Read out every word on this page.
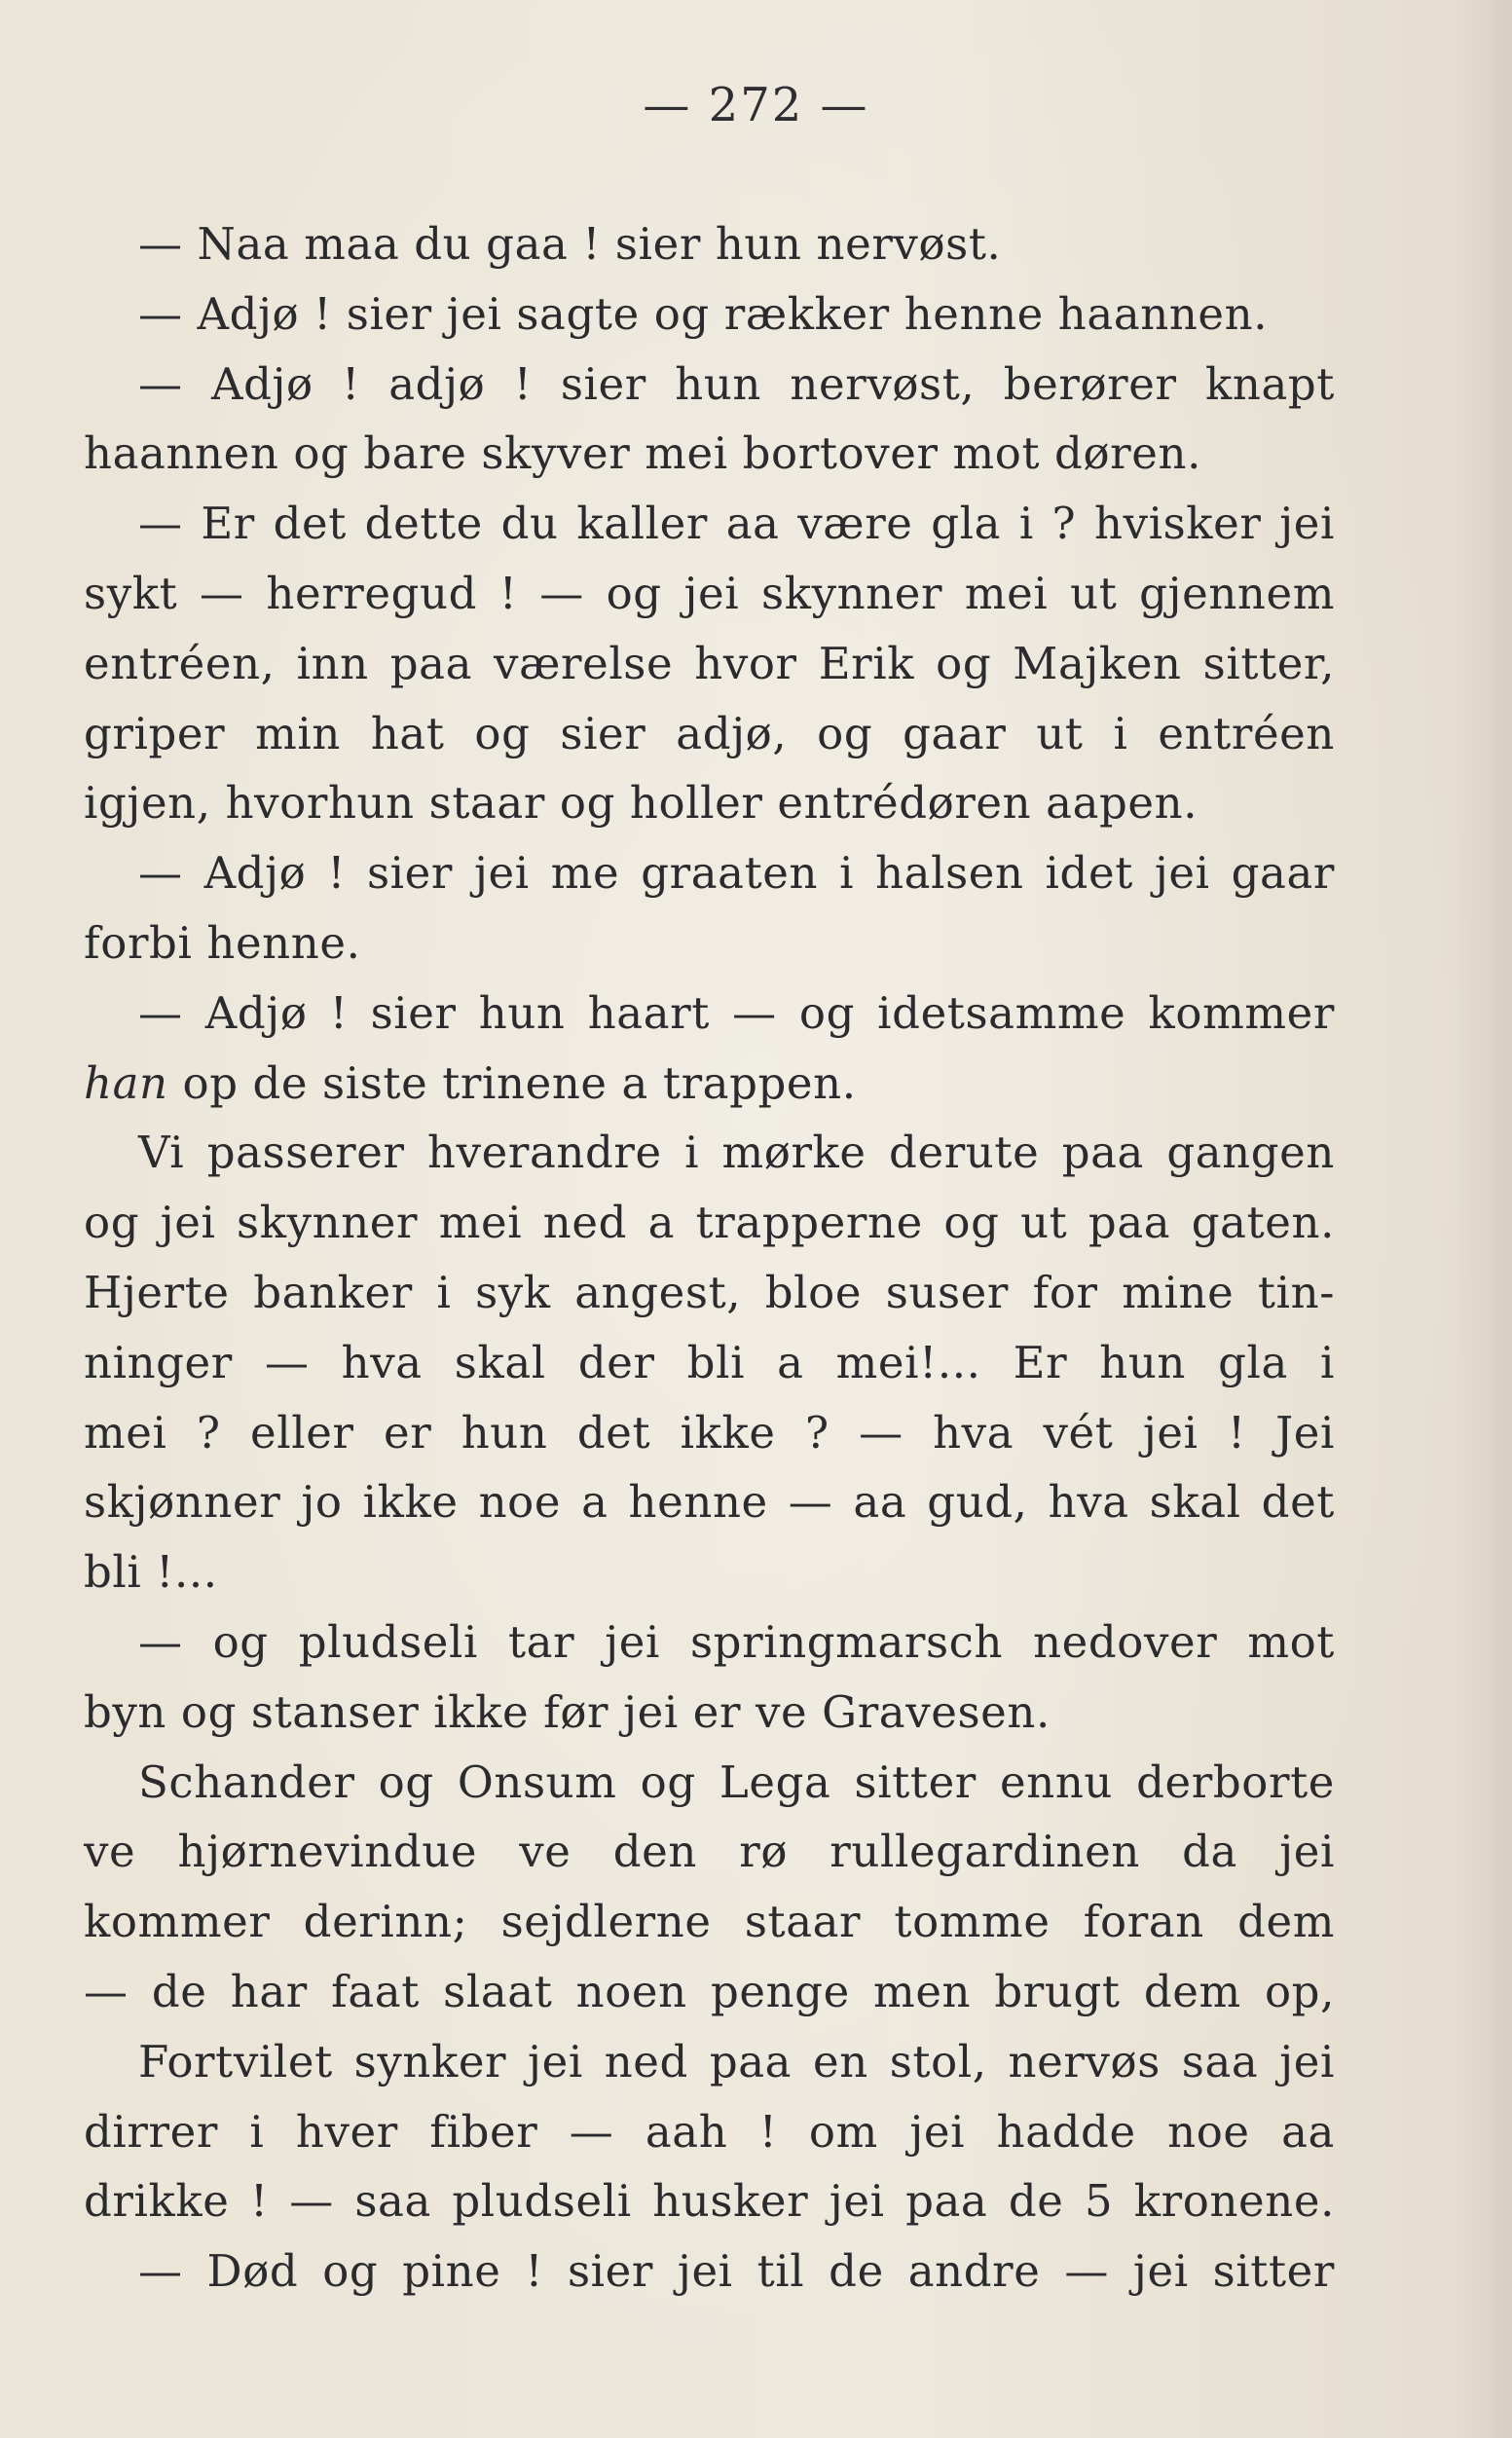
— 272 —
— Naa maa du gaa ! sier hun nervøst.
— Adjø ! sier jei sagte og rækker henne haannen.
— Adjø ! adjø ! sier hun nervøst, berører knapt
haannen og bare skyver mei bortover mot døren.
— Er det dette du kaller aa være gla i ? hvisker jei
sykt — herregud ! — og jei skynner mei ut gjennem
entréen, inn paa værelse hvor Erik og Majken sitter,
griper min hat og sier adjø, og gaar ut i entréen
igjen, hvorhun staar og holler entrédøren aapen.
— Adjø ! sier jei me graaten i halsen idet jei gaar
forbi henne.
— Adjø ! sier hun haart — og idetsamme kommer
han op de siste trinene a trappen.
Vi passerer hverandre i mørke derute paa gangen
og jei skynner mei ned a trapperne og ut paa gaten.
Hjerte banker i syk angest, bloe suser for mine tin-
ninger — hva skal der bli a mei!... Er hun gla i
mei ? eller er hun det ikke ? — hva vét jei ! Jei
skjønner jo ikke noe a henne — aa gud, hva skal det
bli !...
— og pludseli tar jei springmarsch nedover mot
byn og stanser ikke før jei er ve Gravesen.
Schander og Onsum og Lega sitter ennu derborte
ve hjørnevindue ve den rø rullegardinen da jei
kommer derinn; sejdlerne staar tomme foran dem
— de har faat slaat noen penge men brugt dem op,
Fortvilet synker jei ned paa en stol, nervøs saa jei
dirrer i hver fiber — aah ! om jei hadde noe aa
drikke ! — saa pludseli husker jei paa de 5 kronene.
— Død og pine ! sier jei til de andre — jei sitter
